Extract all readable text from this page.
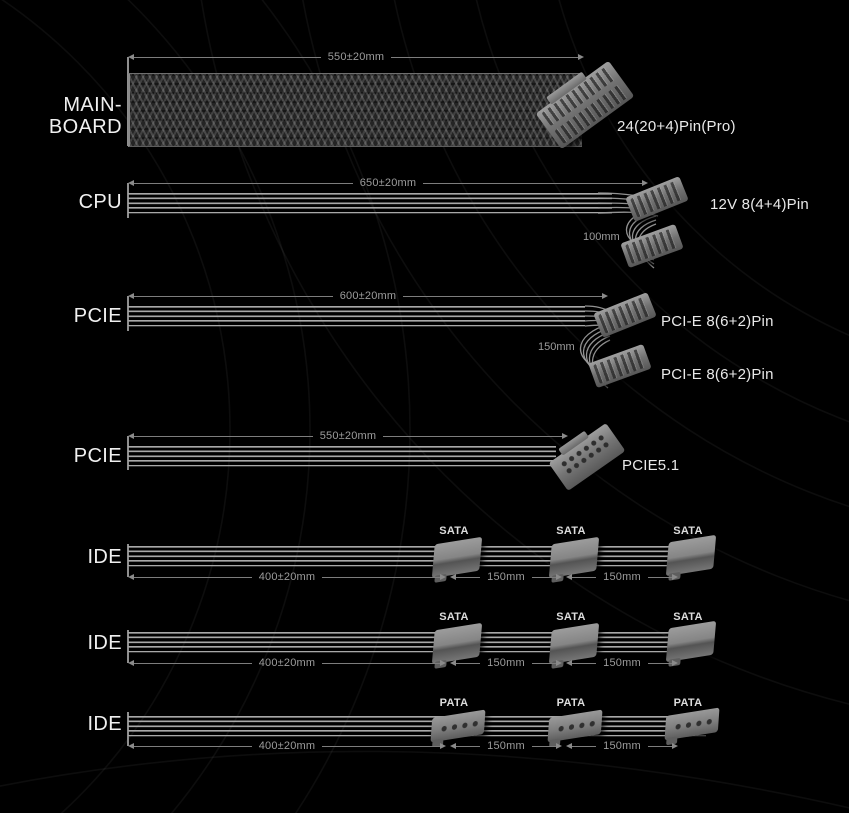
MAIN-
BOARD
550±20mm
24(20+4)Pin(Pro)
CPU
650±20mm
100mm
12V 8(4+4)Pin
PCIE
600±20mm
150mm
PCI-E 8(6+2)Pin
PCI-E 8(6+2)Pin
PCIE
550±20mm
PCIE5.1
IDE
SATA	SATA	SATA
400±20mm	150mm	150mm
IDE
SATA	SATA	SATA
400±20mm	150mm	150mm
IDE
PATA	PATA	PATA
400±20mm	150mm	150mm
